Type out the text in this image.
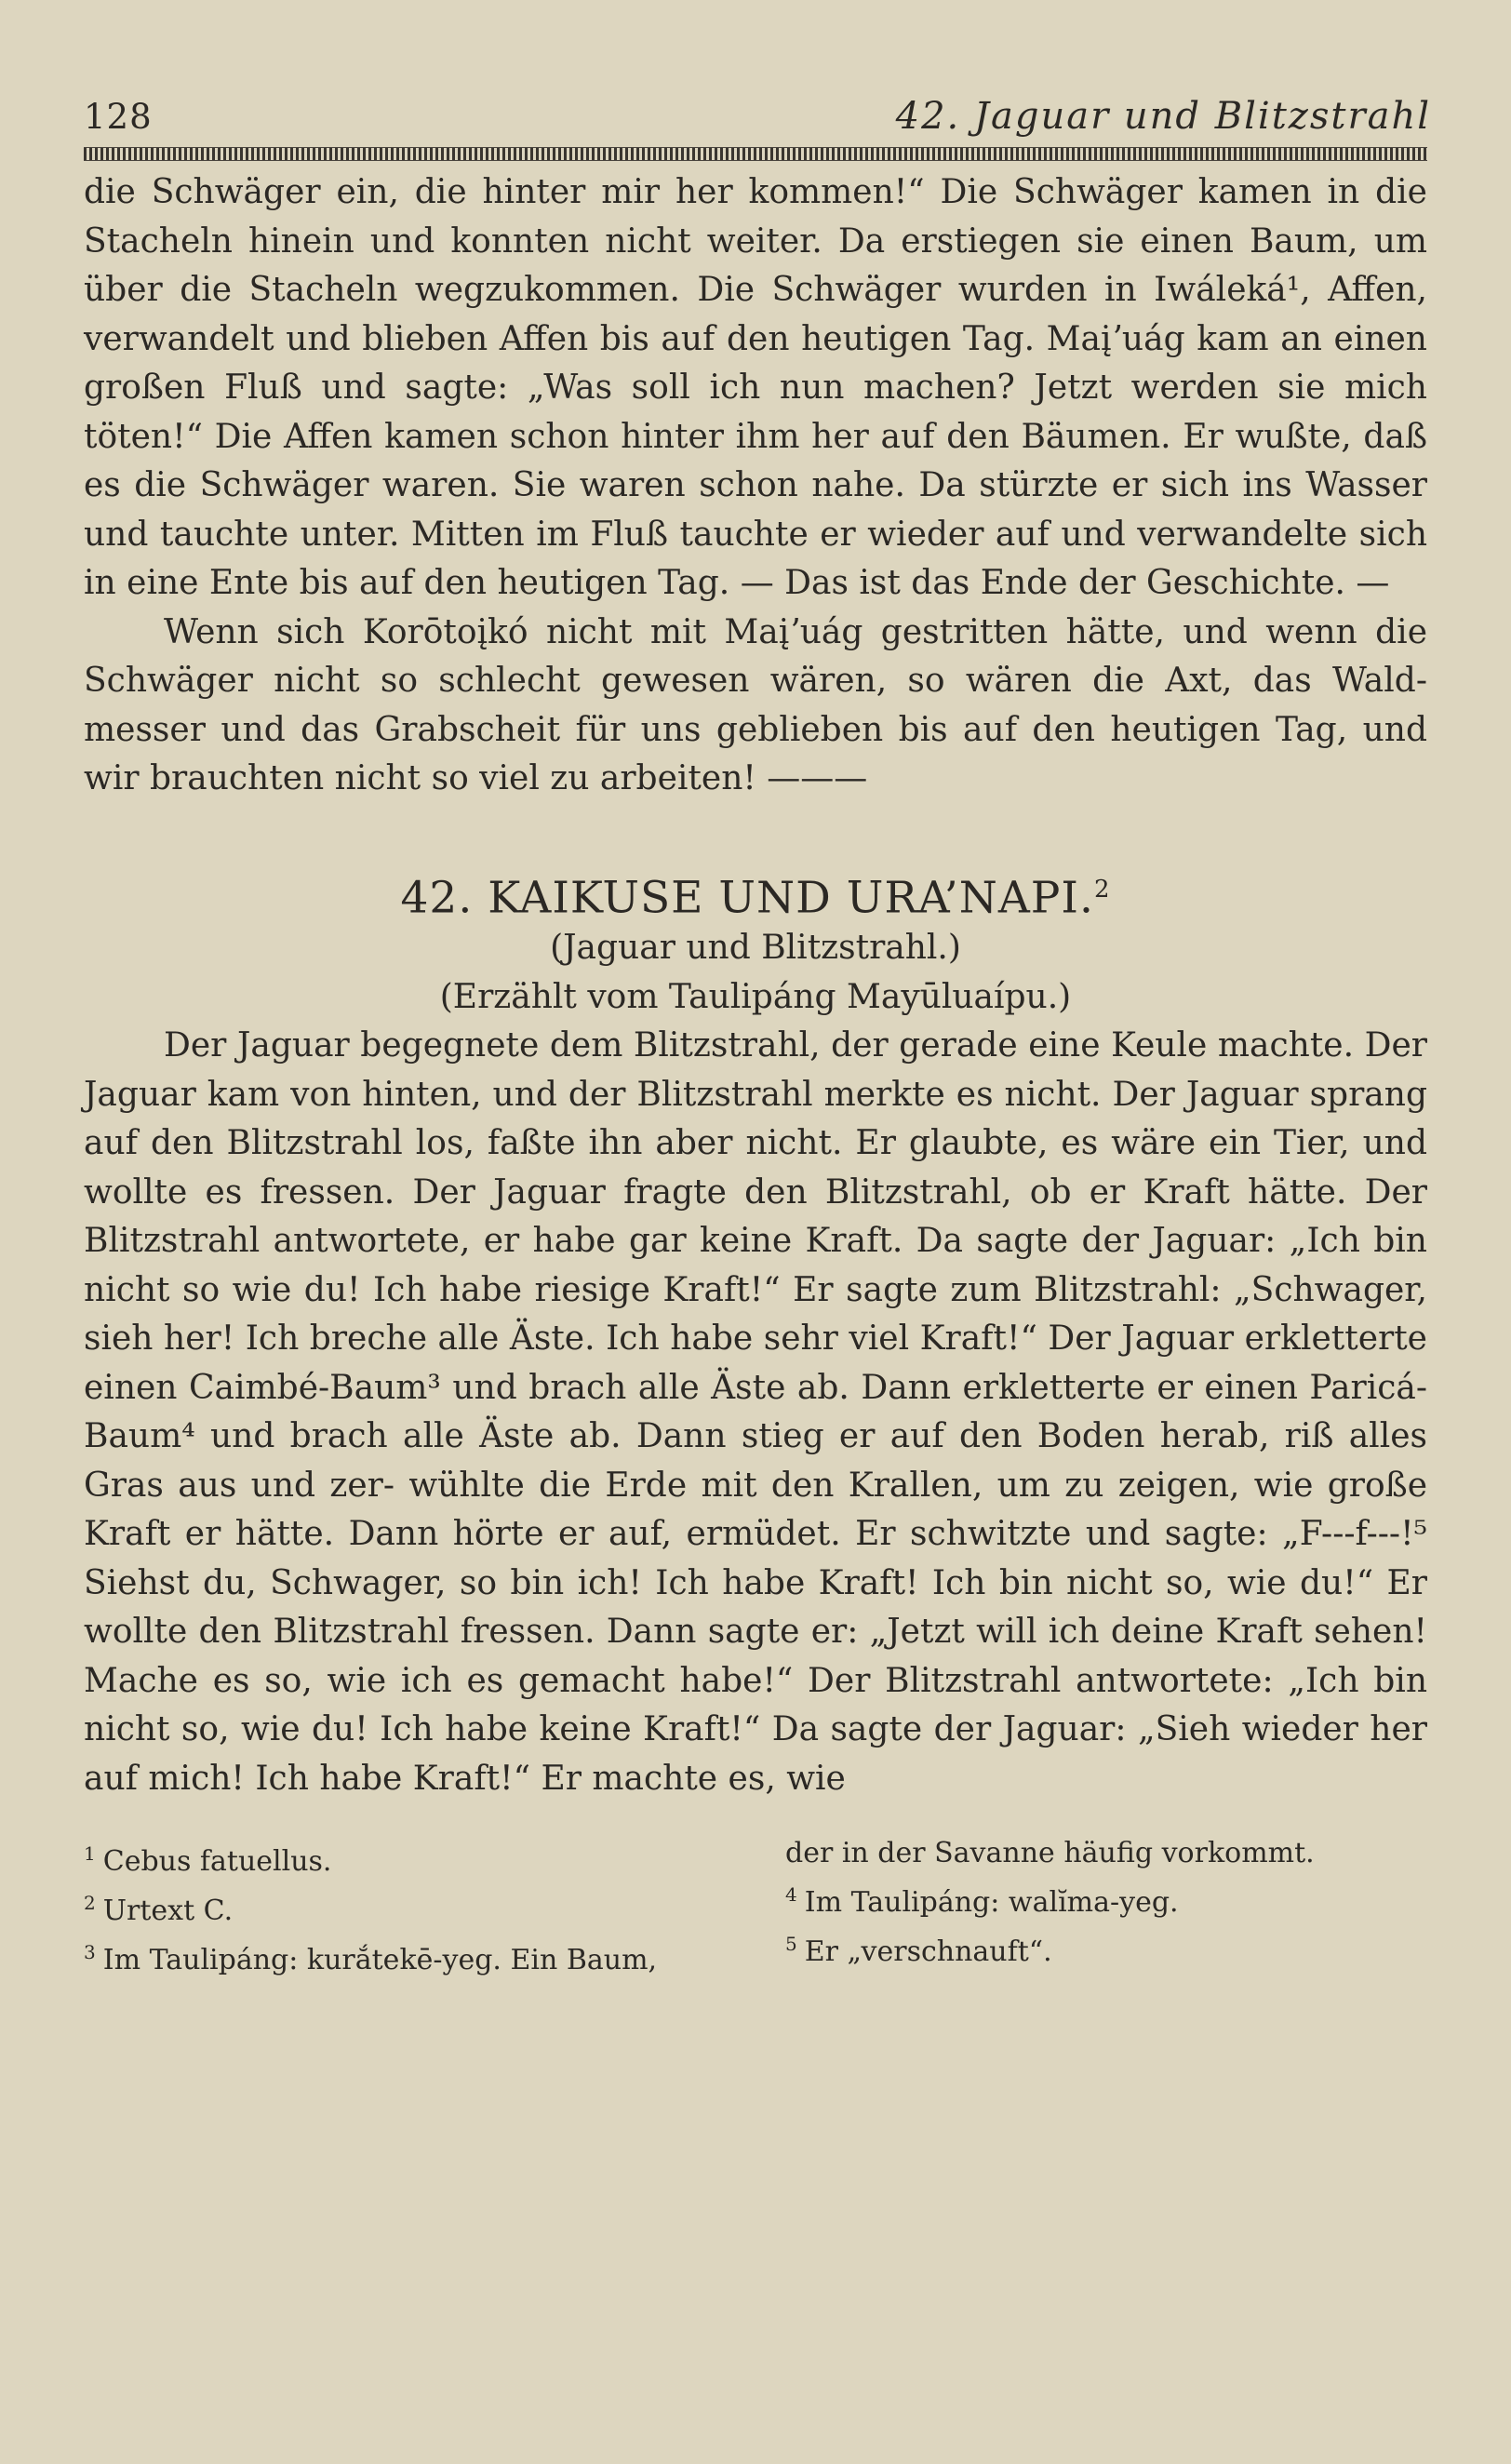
128	42. Jaguar und Blitzstrahl

die Schwäger ein, die hinter mir her kommen!“ Die Schwäger kamen in die Stacheln hinein und konnten nicht weiter. Da erstiegen sie einen Baum, um über die Stacheln wegzukommen. Die Schwäger wurden in Iwáleká¹, Affen, verwandelt und blieben Affen bis auf den heutigen Tag. Maįʼuág kam an einen großen Fluß und sagte: „Was soll ich nun machen? Jetzt werden sie mich töten!“ Die Affen kamen schon hinter ihm her auf den Bäumen. Er wußte, daß es die Schwäger waren. Sie waren schon nahe. Da stürzte er sich ins Wasser und tauchte unter. Mitten im Fluß tauchte er wieder auf und verwandelte sich in eine Ente bis auf den heutigen Tag. — Das ist das Ende der Geschichte. —

Wenn sich Korōtoįkó nicht mit Maįʼuág gestritten hätte, und wenn die Schwäger nicht so schlecht gewesen wären, so wären die Axt, das Wald- messer und das Grabscheit für uns geblieben bis auf den heutigen Tag, und wir brauchten nicht so viel zu arbeiten! ———

42. KAIKUSE UND URA’NAPI.$^2$

(Jaguar und Blitzstrahl.)

(Erzählt vom Taulipáng Mayūluaípu.)

Der Jaguar begegnete dem Blitzstrahl, der gerade eine Keule machte. Der Jaguar kam von hinten, und der Blitzstrahl merkte es nicht. Der Jaguar sprang auf den Blitzstrahl los, faßte ihn aber nicht. Er glaubte, es wäre ein Tier, und wollte es fressen. Der Jaguar fragte den Blitzstrahl, ob er Kraft hätte. Der Blitzstrahl antwortete, er habe gar keine Kraft. Da sagte der Jaguar: „Ich bin nicht so wie du! Ich habe riesige Kraft!“ Er sagte zum Blitzstrahl: „Schwager, sieh her! Ich breche alle Äste. Ich habe sehr viel Kraft!“ Der Jaguar erkletterte einen Caimbé-Baum³ und brach alle Äste ab. Dann erkletterte er einen Paricá-Baum⁴ und brach alle Äste ab. Dann stieg er auf den Boden herab, riß alles Gras aus und zer- wühlte die Erde mit den Krallen, um zu zeigen, wie große Kraft er hätte. Dann hörte er auf, ermüdet. Er schwitzte und sagte: „F---f---!⁵ Siehst du, Schwager, so bin ich! Ich habe Kraft! Ich bin nicht so, wie du!“ Er wollte den Blitzstrahl fressen. Dann sagte er: „Jetzt will ich deine Kraft sehen! Mache es so, wie ich es gemacht habe!“ Der Blitzstrahl antwortete: „Ich bin nicht so, wie du! Ich habe keine Kraft!“ Da sagte der Jaguar: „Sieh wieder her auf mich! Ich habe Kraft!“ Er machte es, wie

$^1$ Cebus fatuellus.
$^2$ Urtext C.
$^3$ Im Taulipáng: kurắtekē-yeg. Ein Baum,
der in der Savanne häufig vorkommt.
$^4$ Im Taulipáng: walĭma-yeg.
$^5$ Er „verschnauft“.
